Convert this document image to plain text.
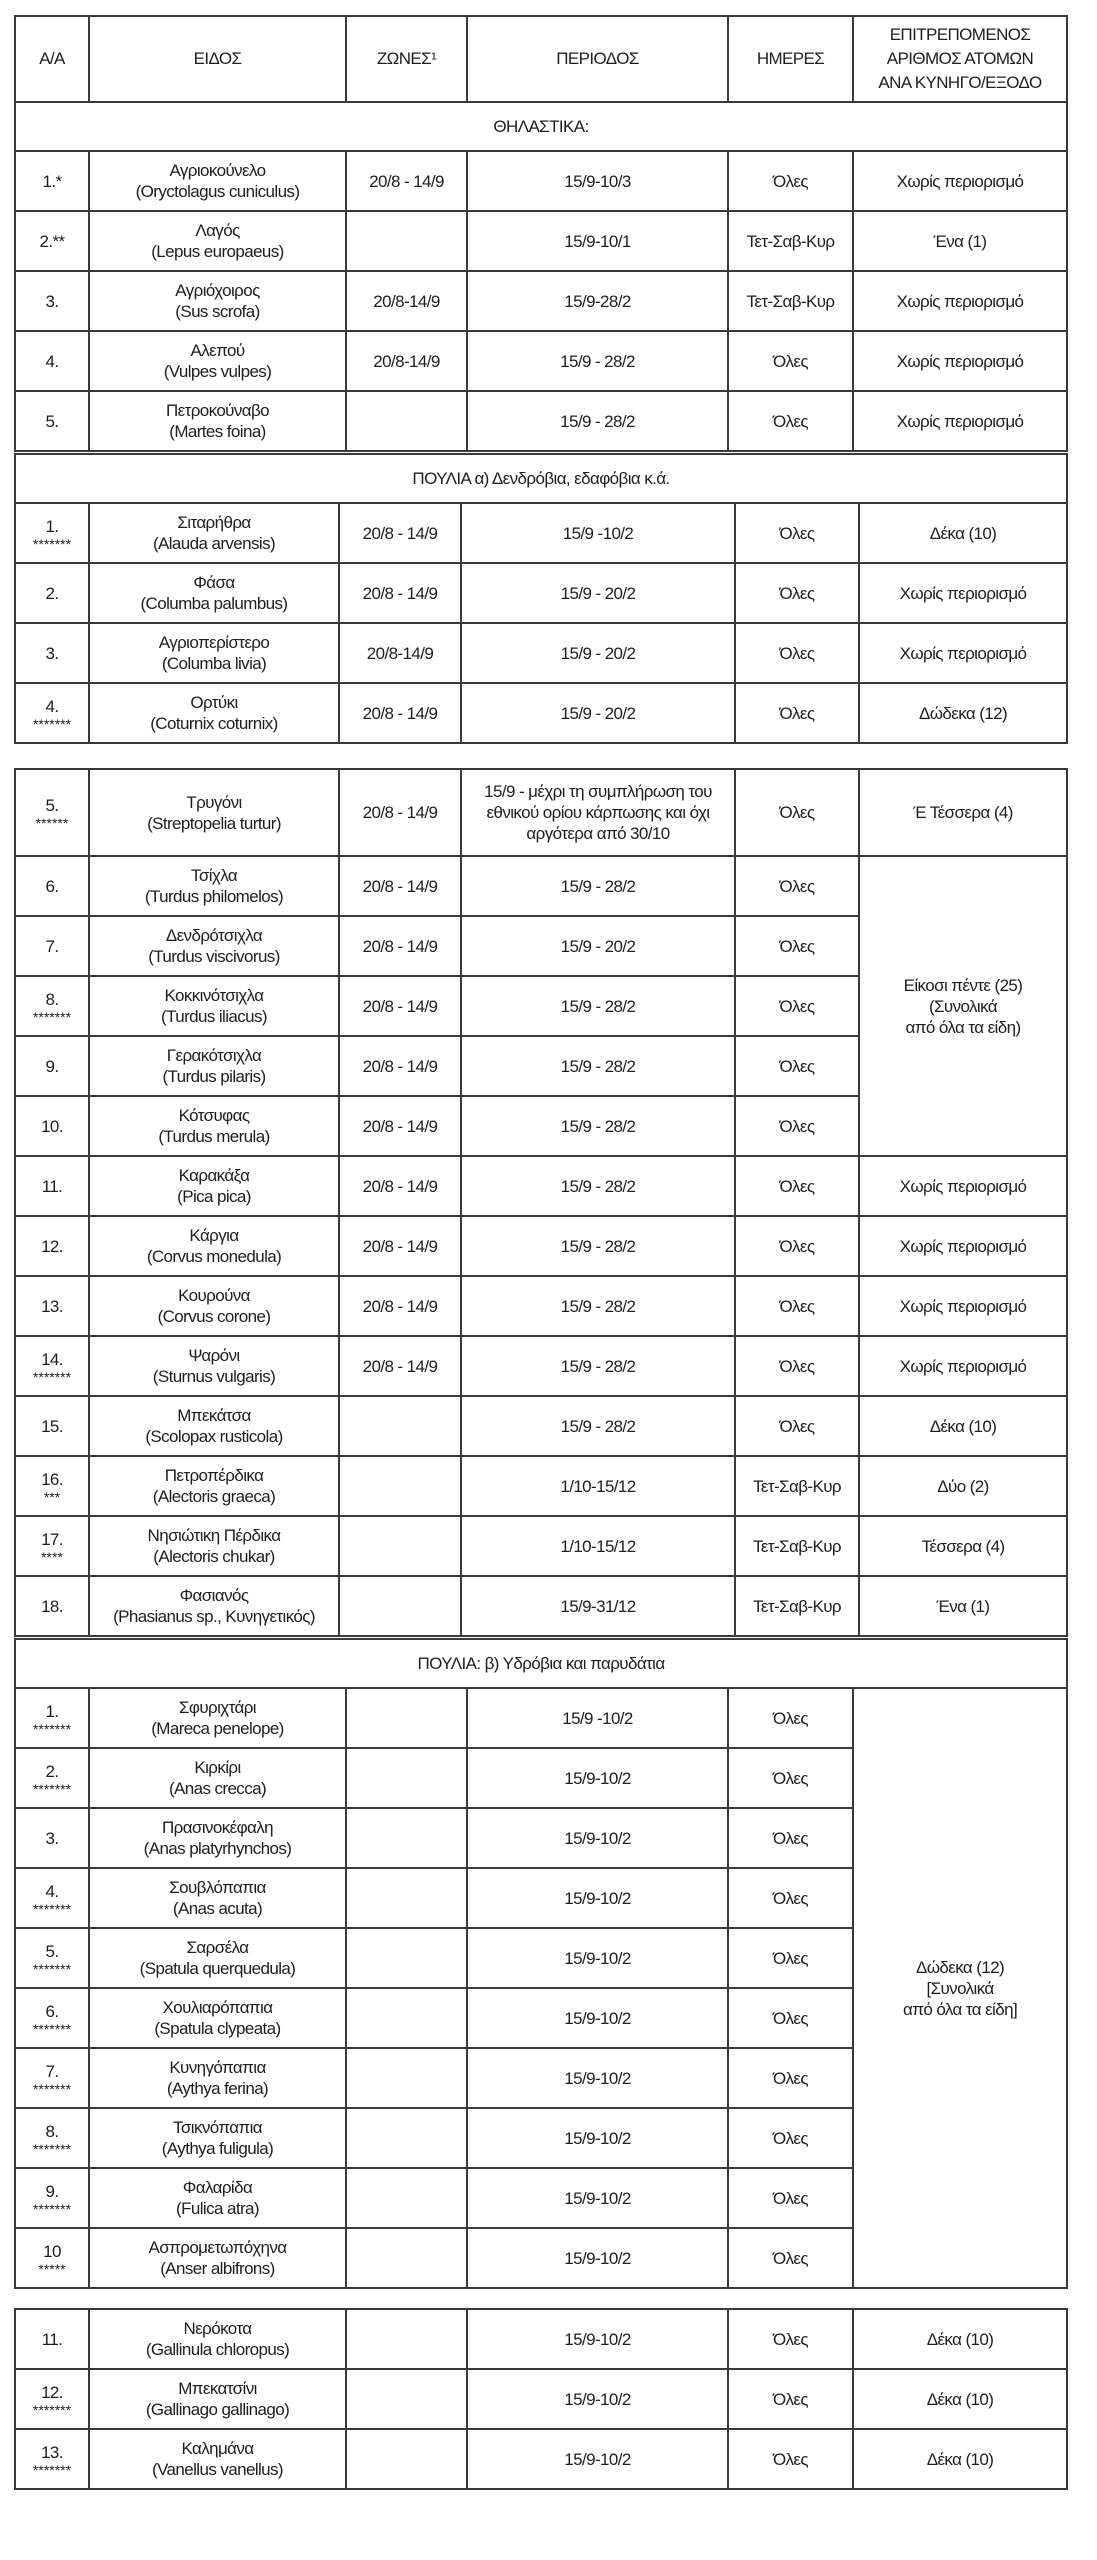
Α/Α	ΕΙΔΟΣ	ΖΩΝΕΣ¹	ΠΕΡΙΟΔΟΣ	ΗΜΕΡΕΣ	ΕΠΙΤΡΕΠΟΜΕΝΟΣ
ΑΡΙΘΜΟΣ ΑΤΟΜΩΝ
ΑΝΑ ΚΥΝΗΓΟ/ΕΞΟΔΟ

ΘΗΛΑΣΤΙΚΑ:					

1.*	Αγριοκούνελο
(Oryctolagus cuniculus)	20/8 - 14/9	15/9-10/3	Όλες	Χωρίς περιορισμό

2.**	Λαγός
(Lepus europaeus)		15/9-10/1	Τετ-Σαβ-Κυρ	Ένα (1)

3.	Αγριόχοιρος
(Sus scrofa)	20/8-14/9	15/9-28/2	Τετ-Σαβ-Κυρ	Χωρίς περιορισμό

4.	Αλεπού
(Vulpes vulpes)	20/8-14/9	15/9 - 28/2	Όλες	Χωρίς περιορισμό

5.	Πετροκούναβο
(Martes foina)		15/9 - 28/2	Όλες	Χωρίς περιορισμό
ΠΟΥΛΙΑ α) Δενδρόβια, εδαφόβια κ.ά.					

1.
*******	Σιταρήθρα
(Alauda arvensis)	20/8 - 14/9	15/9 -10/2	Όλες	Δέκα (10)

2.	Φάσα
(Columba palumbus)	20/8 - 14/9	15/9 - 20/2	Όλες	Χωρίς περιορισμό

3.	Αγριοπερίστερο
(Columba livia)	20/8-14/9	15/9 - 20/2	Όλες	Χωρίς περιορισμό

4.
*******	Ορτύκι
(Coturnix coturnix)	20/8 - 14/9	15/9 - 20/2	Όλες	Δώδεκα (12)
5.
******	Τρυγόνι
(Streptopelia turtur)	20/8 - 14/9	15/9 - μέχρι τη συμπλήρωση του εθνικού ορίου κάρπωσης και όχι αργότερα από 30/10	Όλες	Έ Τέσσερα (4)

6.	Τσίχλα
(Turdus philomelos)	20/8 - 14/9	15/9 - 28/2	Όλες	Είκοσι πέντε (25)
(Συνολικά
από όλα τα είδη)

7.	Δενδρότσιχλα
(Turdus viscivorus)	20/8 - 14/9	15/9 - 20/2	Όλες	

8.
*******	Κοκκινότσιχλα
(Turdus iliacus)	20/8 - 14/9	15/9 - 28/2	Όλες	

9.	Γερακότσιχλα
(Turdus pilaris)	20/8 - 14/9	15/9 - 28/2	Όλες	

10.	Κότσυφας
(Turdus merula)	20/8 - 14/9	15/9 - 28/2	Όλες	

11.	Καρακάξα
(Pica pica)	20/8 - 14/9	15/9 - 28/2	Όλες	Χωρίς περιορισμό

12.	Κάργια
(Corvus monedula)	20/8 - 14/9	15/9 - 28/2	Όλες	Χωρίς περιορισμό

13.	Κουρούνα
(Corvus corone)	20/8 - 14/9	15/9 - 28/2	Όλες	Χωρίς περιορισμό

14.
*******	Ψαρόνι
(Sturnus vulgaris)	20/8 - 14/9	15/9 - 28/2	Όλες	Χωρίς περιορισμό

15.	Μπεκάτσα
(Scolopax rusticola)		15/9 - 28/2	Όλες	Δέκα (10)

16.
***	Πετροπέρδικα
(Alectoris graeca)		1/10-15/12	Τετ-Σαβ-Κυρ	Δύο (2)

17.
****	Νησιώτικη Πέρδικα
(Alectoris chukar)		1/10-15/12	Τετ-Σαβ-Κυρ	Τέσσερα (4)

18.	Φασιανός
(Phasianus sp., Κυνηγετικός)		15/9-31/12	Τετ-Σαβ-Κυρ	Ένα (1)
ΠΟΥΛΙΑ: β) Υδρόβια και παρυδάτια					

1.
*******	Σφυριχτάρι
(Mareca penelope)		15/9 -10/2	Όλες	Δώδεκα (12)
[Συνολικά
από όλα τα είδη]

2.
*******	Κιρκίρι
(Anas crecca)		15/9-10/2	Όλες	

3.	Πρασινοκέφαλη
(Anas platyrhynchos)		15/9-10/2	Όλες	

4.
*******	Σουβλόπαπια
(Anas acuta)		15/9-10/2	Όλες	

5.
*******	Σαρσέλα
(Spatula querquedula)		15/9-10/2	Όλες	

6.
*******	Χουλιαρόπαπια
(Spatula clypeata)		15/9-10/2	Όλες	

7.
*******	Κυνηγόπαπια
(Aythya ferina)		15/9-10/2	Όλες	

8.
*******	Τσικνόπαπια
(Aythya fuligula)		15/9-10/2	Όλες	

9.
*******	Φαλαρίδα
(Fulica atra)		15/9-10/2	Όλες	

10
*****	Ασπρομετωπόχηνα
(Anser albifrons)		15/9-10/2	Όλες	
11.	Νερόκοτα
(Gallinula chloropus)		15/9-10/2	Όλες	Δέκα (10)

12.
*******	Μπεκατσίνι
(Gallinago gallinago)		15/9-10/2	Όλες	Δέκα (10)

13.
*******	Καλημάνα
(Vanellus vanellus)		15/9-10/2	Όλες	Δέκα (10)
